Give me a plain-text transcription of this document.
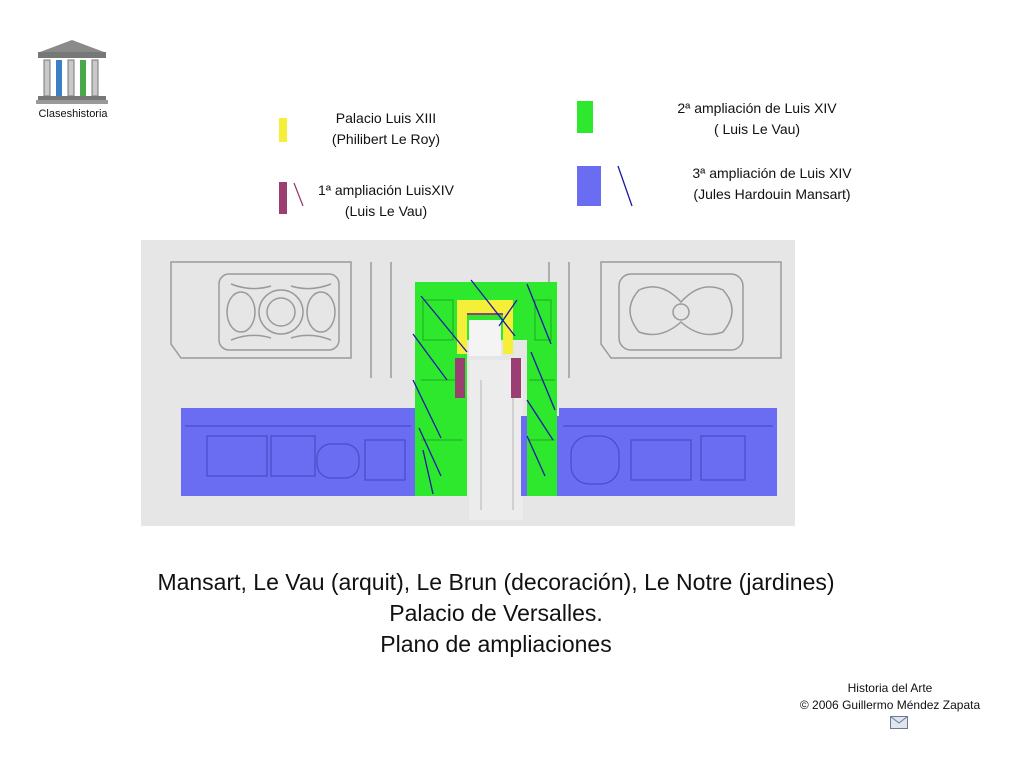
Claseshistoria	Palacio Luis XIII
(Philibert Le Roy)
1ª ampliación LuisXIV
(Luis Le Vau)
2ª ampliación de Luis XIV
( Luis Le Vau)
3ª ampliación de Luis XIV
(Jules Hardouin Mansart)
Mansart, Le Vau (arquit), Le Brun (decoración), Le Notre (jardines)
Palacio de Versalles.
Plano de ampliaciones
Historia del Arte
© 2006 Guillermo Méndez Zapata
